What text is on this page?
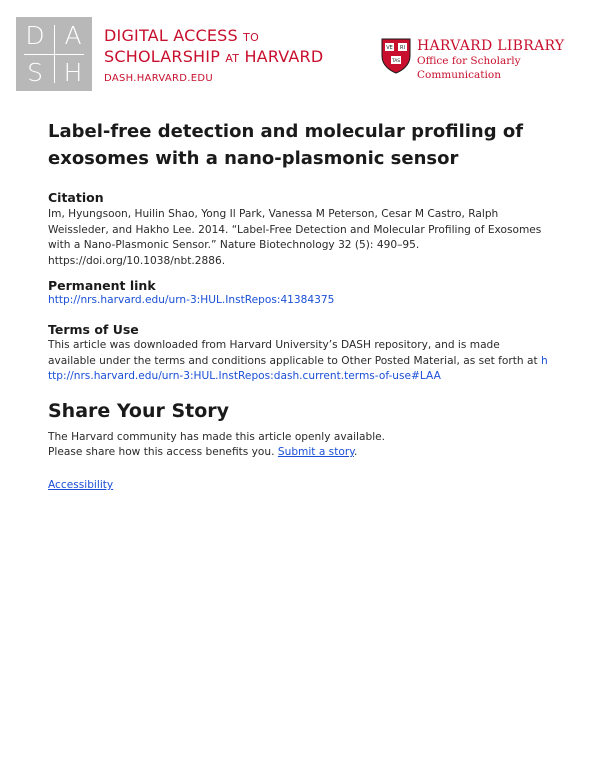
D A
S H
DIGITAL ACCESS TO
SCHOLARSHIP AT HARVARD
DASH.HARVARD.EDU
VE RI
TAS
HARVARD LIBRARY
Office for Scholarly Communication
Label-free detection and molecular profiling of exosomes with a nano-plasmonic sensor
Citation
Im, Hyungsoon, Huilin Shao, Yong Il Park, Vanessa M Peterson, Cesar M Castro, Ralph Weissleder, and Hakho Lee. 2014. “Label-Free Detection and Molecular Profiling of Exosomes with a Nano-Plasmonic Sensor.” Nature Biotechnology 32 (5): 490–95. https://doi.org/10.1038/nbt.2886.
Permanent link
http://nrs.harvard.edu/urn-3:HUL.InstRepos:41384375
Terms of Use
This article was downloaded from Harvard University’s DASH repository, and is made available under the terms and conditions applicable to Other Posted Material, as set forth at http://nrs.harvard.edu/urn-3:HUL.InstRepos:dash.current.terms-of-use#LAA
Share Your Story
The Harvard community has made this article openly available.
Please share how this access benefits you. Submit a story.
Accessibility
